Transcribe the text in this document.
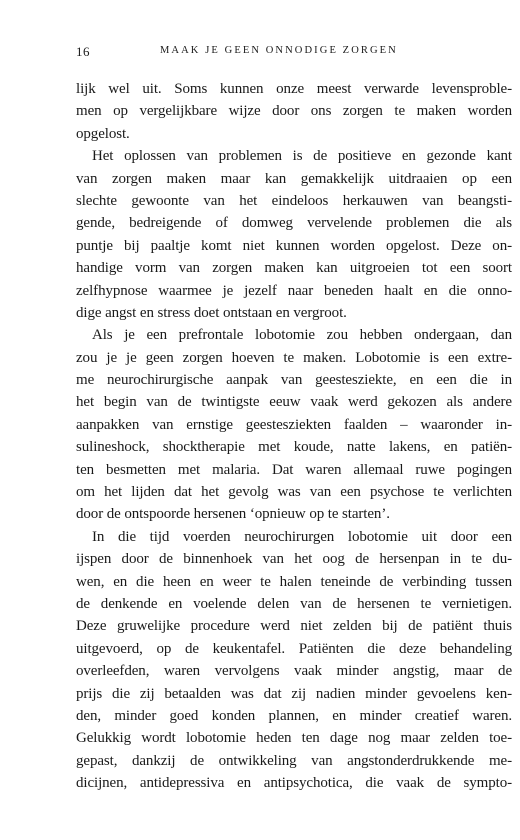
16	MAAK JE GEEN ONNODIGE ZORGEN
lijk wel uit. Soms kunnen onze meest verwarde levensproble-
men op vergelijkbare wijze door ons zorgen te maken worden
opgelost.
Het oplossen van problemen is de positieve en gezonde kant
van zorgen maken maar kan gemakkelijk uitdraaien op een
slechte gewoonte van het eindeloos herkauwen van beangsti-
gende, bedreigende of domweg vervelende problemen die als
puntje bij paaltje komt niet kunnen worden opgelost. Deze on-
handige vorm van zorgen maken kan uitgroeien tot een soort
zelfhypnose waarmee je jezelf naar beneden haalt en die onno-
dige angst en stress doet ontstaan en vergroot.
Als je een prefrontale lobotomie zou hebben ondergaan, dan
zou je je geen zorgen hoeven te maken. Lobotomie is een extre-
me neurochirurgische aanpak van geestesziekte, en een die in
het begin van de twintigste eeuw vaak werd gekozen als andere
aanpakken van ernstige geestesziekten faalden – waaronder in-
sulineshock, shocktherapie met koude, natte lakens, en patiën-
ten besmetten met malaria. Dat waren allemaal ruwe pogingen
om het lijden dat het gevolg was van een psychose te verlichten
door de ontspoorde hersenen ‘opnieuw op te starten’.
In die tijd voerden neurochirurgen lobotomie uit door een
ijspen door de binnenhoek van het oog de hersenpan in te du-
wen, en die heen en weer te halen teneinde de verbinding tussen
de denkende en voelende delen van de hersenen te vernietigen.
Deze gruwelijke procedure werd niet zelden bij de patiënt thuis
uitgevoerd, op de keukentafel. Patiënten die deze behandeling
overleefden, waren vervolgens vaak minder angstig, maar de
prijs die zij betaalden was dat zij nadien minder gevoelens ken-
den, minder goed konden plannen, en minder creatief waren.
Gelukkig wordt lobotomie heden ten dage nog maar zelden toe-
gepast, dankzij de ontwikkeling van angstonderdrukkende me-
dicijnen, antidepressiva en antipsychotica, die vaak de sympto-
